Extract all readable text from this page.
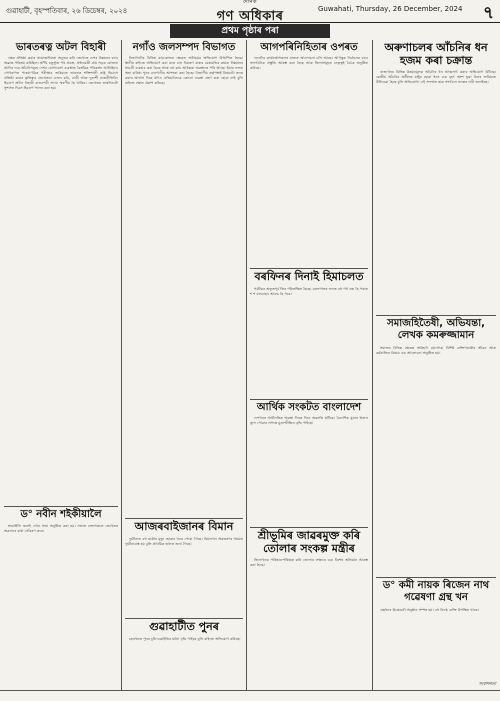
গুৱাহাটী, বৃহস্পতিবাৰ, ২৬ ডিচেম্বৰ, ২০২৪
দৈনিক
গণ অধিকাৰ	Guwahati, Thursday, 26 December, 2024 ৭
প্ৰথম পৃষ্ঠাৰ পৰা
ভাৰতৰত্ন অটল বিহাৰী

ক্ষেত্ৰ প্ৰতিষ্ঠা কৰাৰ প্ৰয়োজনীয়তা অনুভৱ কৰি তেখেতে দেশৰ উন্নয়নৰ বাবে অক্লান্ত পৰিশ্ৰম কৰিছিল। স্বৰ্ণিম চতুৰ্ভুজ পথ প্ৰকল্প, প্ৰধানমন্ত্ৰী গ্ৰাম সড়ক যোজনা আদিৰ দৰে আঁচনিসমূহে দেশৰ যোগাযোগ ব্যৱস্থাত বৈপ্লৱিক পৰিৱৰ্তন আনিছিল। পোখৰাণত পাৰমাণৱিক পৰীক্ষাৰ জৰিয়তে ভাৰতক শক্তিশালী ৰাষ্ট্ৰ হিচাপে প্ৰতিষ্ঠা কৰাৰ কৃতিত্বও তেখেতৰ। এজন কবি, বাগ্মী আৰু দূৰদৰ্শী ৰাজনীতিবিদ হিচাপে অটল বিহাৰী বাজপেয়ী সদায় স্মৰণীয় হৈ থাকিব। তেখেতৰ জন্মদিনটো সুশাসন দিৱস হিচাপে পালন কৰা হয়।

ড° নবীন শইকীয়ালৈ

শ্ৰদ্ধাঞ্জলি জনাই এখন সভা অনুষ্ঠিত কৰা হয়। সভাত বক্তাসকলে তেখেতৰ অৱদানৰ কথা সোঁৱৰণ কৰে।

নগাঁও জলসম্পদ বিভাগত

বিভাগটোৰ বিভিন্ন কাম-কাজৰ ক্ষেত্ৰত অনিয়মৰ অভিযোগ উত্থাপিত হৈছে। স্থানীয় ৰাইজে অভিযোগ কৰা মতে বান নিয়ন্ত্ৰণ বান্ধৰ মেৰামতিৰ কামত নিম্নমানৰ সামগ্ৰী ব্যৱহাৰ কৰা হৈছে আৰু বহু কাম আধৰুৱা অৱস্থাতে পৰি আছে। ইয়াৰ ফলত অহা বাৰিষা পুনৰ বানপানীৰ আশংকা কৰা হৈছে। বিভাগীয় কৰ্তৃপক্ষই বিষয়টো তদন্ত কৰাৰ আশ্বাস দিছে যদিও এতিয়ালৈকে কোনো ব্যৱস্থা গ্ৰহণ কৰা হোৱা নাই বুলি ৰাইজে ক্ষোভ প্ৰকাশ কৰিছে।

আজৰবাইজানৰ বিমান

দুৰ্ঘটনাত বহু যাত্ৰীৰ মৃত্যু হোৱাৰ খবৰ পোৱা গৈছে। বিমানখন অৱতৰণৰ সময়ত দুৰ্ঘটনাগ্ৰস্ত হয় বুলি প্ৰাথমিক তথ্যত জনা গৈছে।

গুৱাহাটীত পুনৰ

চহৰখনত পুনৰ চুৰি-ডকাইতিৰ ঘটনা বৃদ্ধি পাইছে বুলি ৰাইজে অভিযোগ কৰিছে।

আগপৰিনিহিতাৰ ওপৰত

দলটোৰ কাৰ্যকৰ্তাসকলৰ মাজত আলোচনা চলি আছে। আগন্তুক নিৰ্বাচনৰ বাবে সাংগঠনিক প্ৰস্তুতি আৰম্ভ কৰা হৈছে আৰু জিলাসমূহত নেতৃত্বই বৈঠক অনুষ্ঠিত কৰিছে।

বৰফিনৰ দিনাই হিমাচলত

পৰ্যটকৰ অভূতপূৰ্ব ভিৰ পৰিলক্ষিত হৈছে। বৰফপাতৰ ফলত বহু পথ বন্ধ হৈ পৰাত শ শ যানবাহন আবদ্ধ হৈ পৰে।

আৰ্থিক সংকটত বাংলাদেশ

দেশখনৰ অৰ্থনৈতিক অৱস্থা দিনক দিনে অৱনতি ঘটিছে। বৈদেশিক মুদ্ৰাৰ ভঁৰাল হ্ৰাস পোৱাৰ লগতে মুদ্ৰাস্ফীতিও বৃদ্ধি পাইছে।

শ্ৰীভূমিৰ জাৱৰমুক্ত কৰি তোলাৰ সংকল্প মন্ত্ৰীৰ

জিলাখনক পৰিষ্কাৰ-পৰিচ্ছন্ন কৰি তোলাৰ লক্ষ্যৰে এক বিশেষ অভিযান আৰম্ভ কৰা হৈছে।

অৰুণাচলৰ আঁচনিৰ ধন হজম কৰা চক্ৰান্ত

ৰাজ্যখনৰ বিভিন্ন উন্নয়নমূলক আঁচনিৰ ধন আত্মসাৎ কৰাৰ অভিযোগ উঠিছে। কেন্দ্ৰীয় আঁচনিৰ অধীনত মঞ্জুৰ হোৱা ধনৰ এক বৃহৎ অংশ ভুৱা বিলৰ জৰিয়তে উলিওৱা হৈছে বুলি অভিযোগ। এই সন্দৰ্ভত ছাত্ৰ সংগঠনে তদন্তৰ দাবী জনাইছে।

সমাজহিতৈষী, অভিযন্তা, লেখক কমৰুজ্জামান

সমাজৰ বিভিন্ন ক্ষেত্ৰত অৰিহণা যোগোৱা বিশিষ্ট ব্যক্তিগৰাকীৰ জীৱন আৰু কৰ্মৰাজিৰ বিষয়ে এক আলোচনা অনুষ্ঠিত হয়।

ড° কমী নায়ক ৰিজেন নাথ গৱেষণা গ্ৰন্থ খন

গ্ৰন্থখনৰ উন্মোচনী অনুষ্ঠান সম্পন্ন হয়। বহু বিদগ্ধ ব্যক্তি উপস্থিত থাকে।

সংবাদদাতা
